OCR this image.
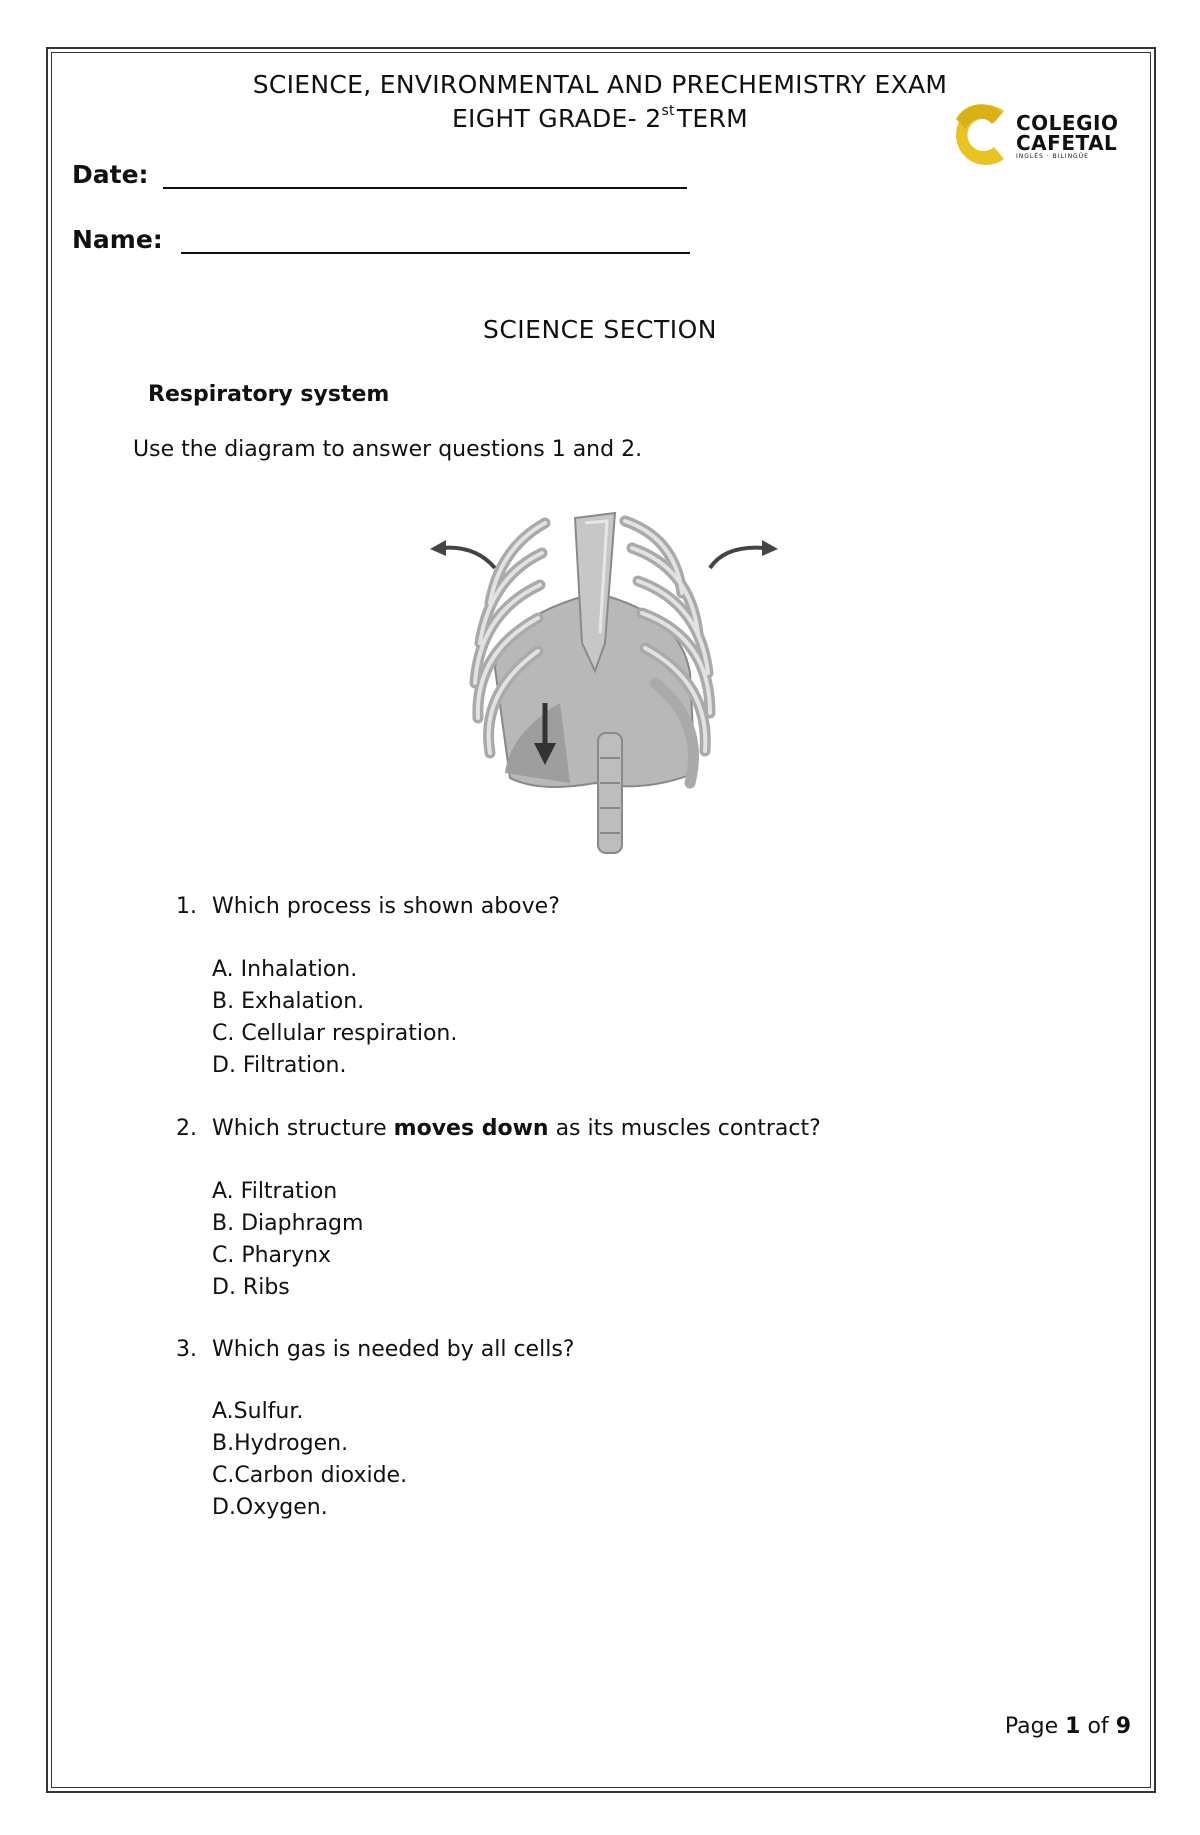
SCIENCE, ENVIRONMENTAL AND PRECHEMISTRY EXAM
EIGHT GRADE- 2stTERM	COLEGIO
CAFETAL
INGLÉS · BILINGÜE
Date:
Name:
SCIENCE SECTION
Respiratory system
Use the diagram to answer questions 1 and 2.
1. Which process is shown above?
A. Inhalation.
B. Exhalation.
C. Cellular respiration.
D. Filtration.
2. Which structure moves down as its muscles contract?
A. Filtration
B. Diaphragm
C. Pharynx
D. Ribs
3. Which gas is needed by all cells?
A.Sulfur.
B.Hydrogen.
C.Carbon dioxide.
D.Oxygen.
Page 1 of 9
